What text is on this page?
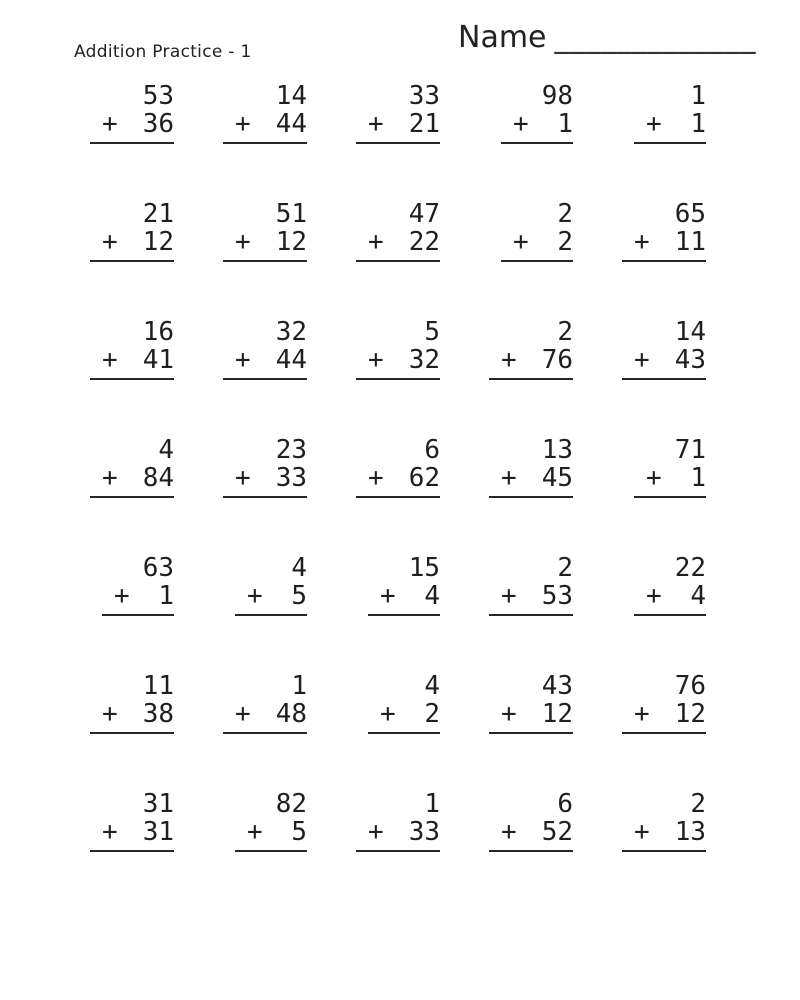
Addition Practice - 1	Name _____________
53
+ 36
14
+ 44
33
+ 21
98
+ 1
1
+ 1
21
+ 12
51
+ 12
47
+ 22
2
+ 2
65
+ 11
16
+ 41
32
+ 44
5
+ 32
2
+ 76
14
+ 43
4
+ 84
23
+ 33
6
+ 62
13
+ 45
71
+ 1
63
+ 1
4
+ 5
15
+ 4
2
+ 53
22
+ 4
11
+ 38
1
+ 48
4
+ 2
43
+ 12
76
+ 12
31
+ 31
82
+ 5
1
+ 33
6
+ 52
2
+ 13
